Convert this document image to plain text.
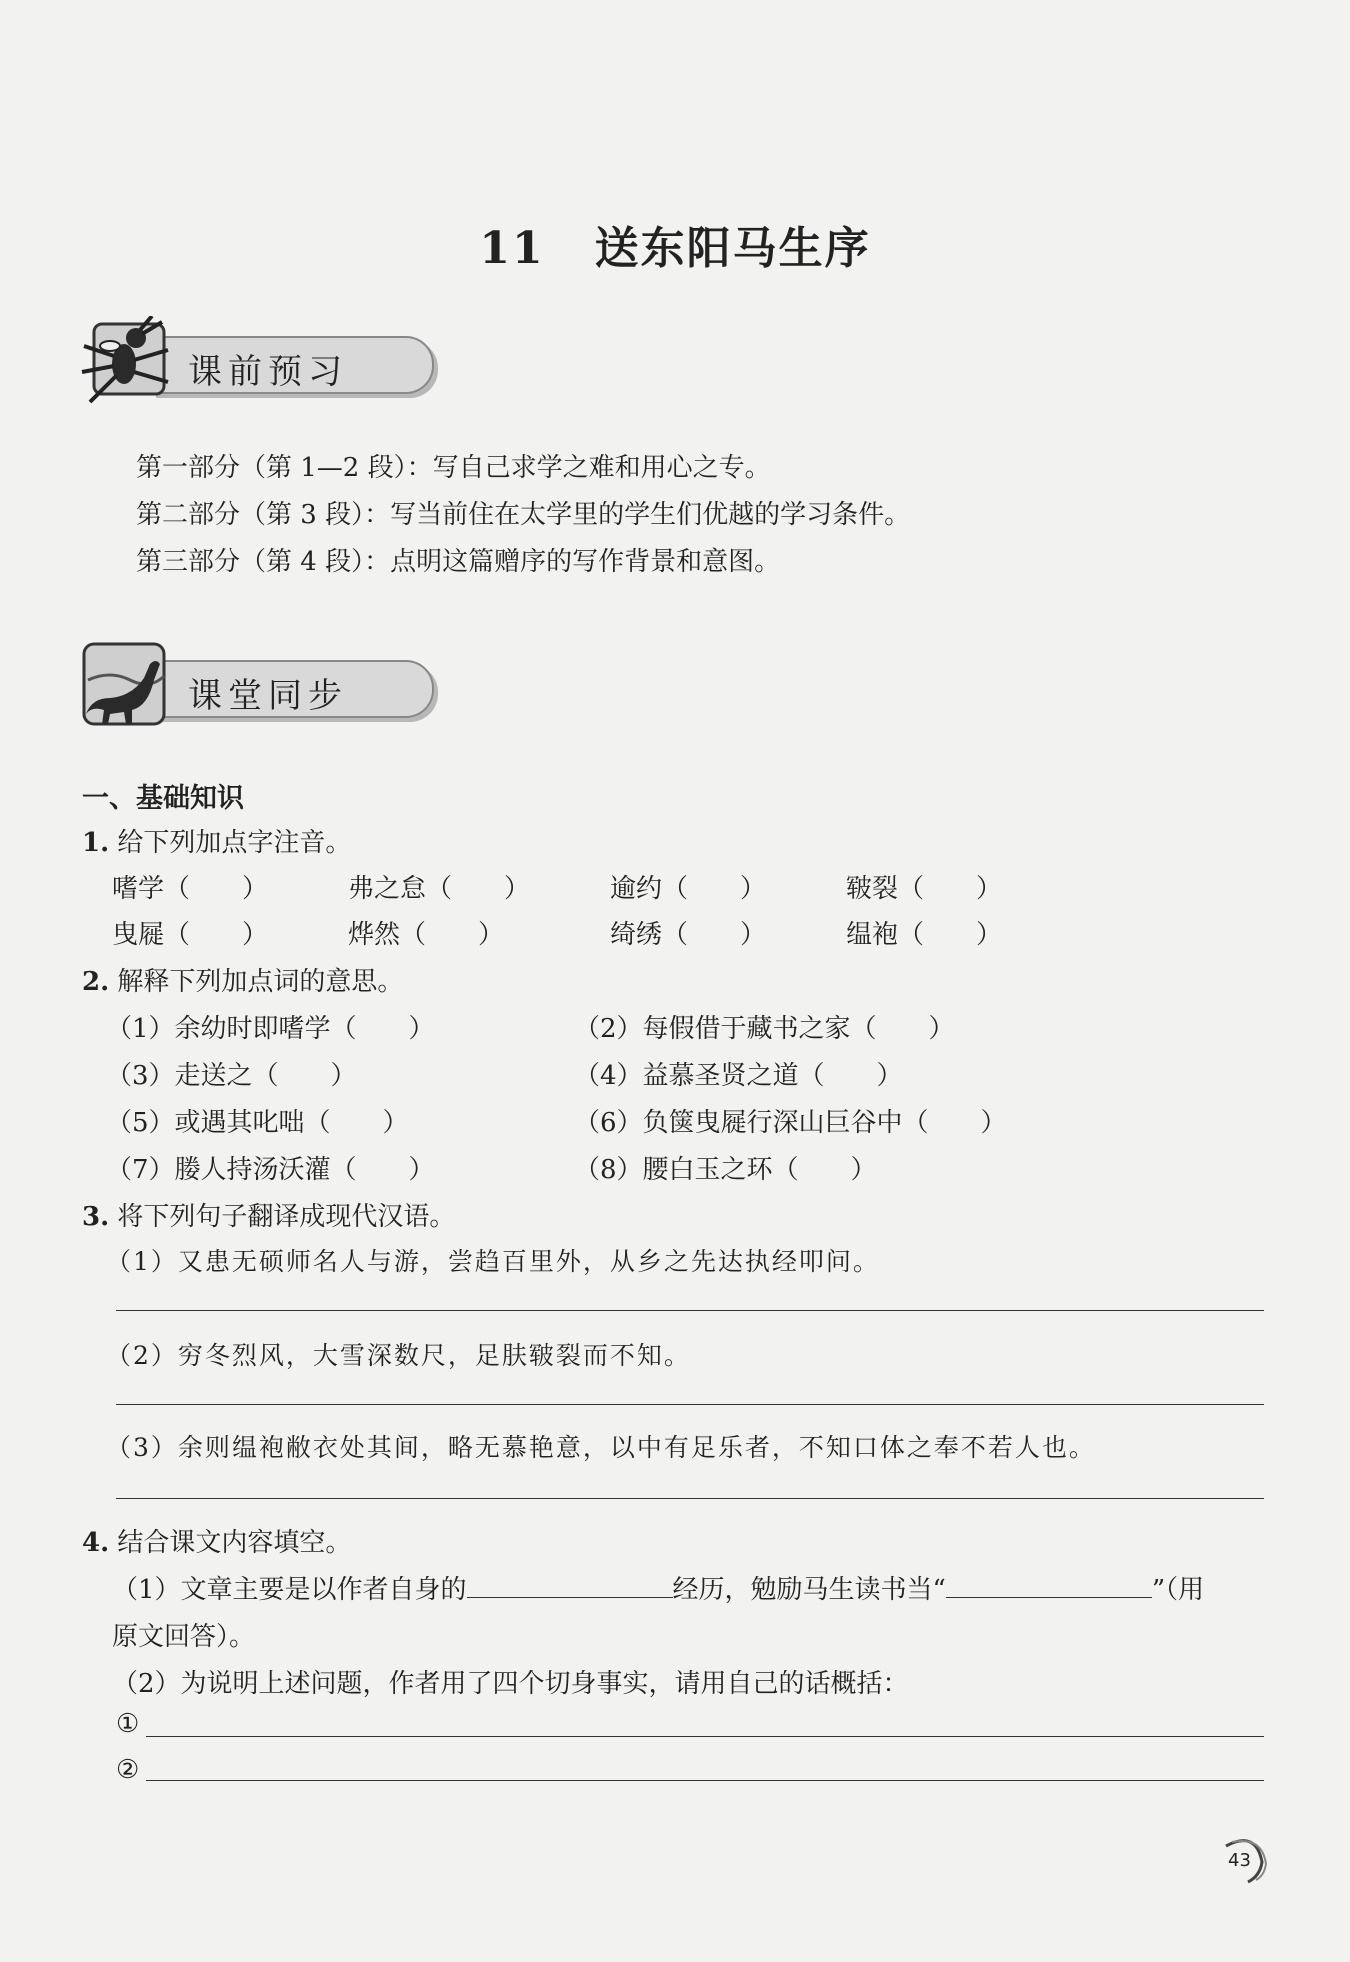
11 送东阳马生序
课前预习
第一部分（第 1—2 段）：写自己求学之难和用心之专。
第二部分（第 3 段）：写当前住在太学里的学生们优越的学习条件。
第三部分（第 4 段）：点明这篇赠序的写作背景和意图。
课堂同步
一、基础知识
1. 给下列加点字注音。
嗜学（　　）	弗之怠（　　）	逾约（　　）	皲裂（　　）
曳屣（　　）	烨然（　　）	绮绣（　　）	缊袍（　　）
2. 解释下列加点词的意思。
（1）余幼时即嗜学（　　）	（2）每假借于藏书之家（　　）
（3）走送之（　　）	（4）益慕圣贤之道（　　）
（5）或遇其叱咄（　　）	（6）负箧曳屣行深山巨谷中（　　）
（7）媵人持汤沃灌（　　）	（8）腰白玉之环（　　）
3. 将下列句子翻译成现代汉语。
（1）又患无硕师名人与游，尝趋百里外，从乡之先达执经叩问。
（2）穷冬烈风，大雪深数尺，足肤皲裂而不知。
（3）余则缊袍敝衣处其间，略无慕艳意，以中有足乐者，不知口体之奉不若人也。
4. 结合课文内容填空。
（1）文章主要是以作者自身的	经历，勉励马生读书当“	”（用
原文回答）。
（2）为说明上述问题，作者用了四个切身事实，请用自己的话概括：
①
②
43
